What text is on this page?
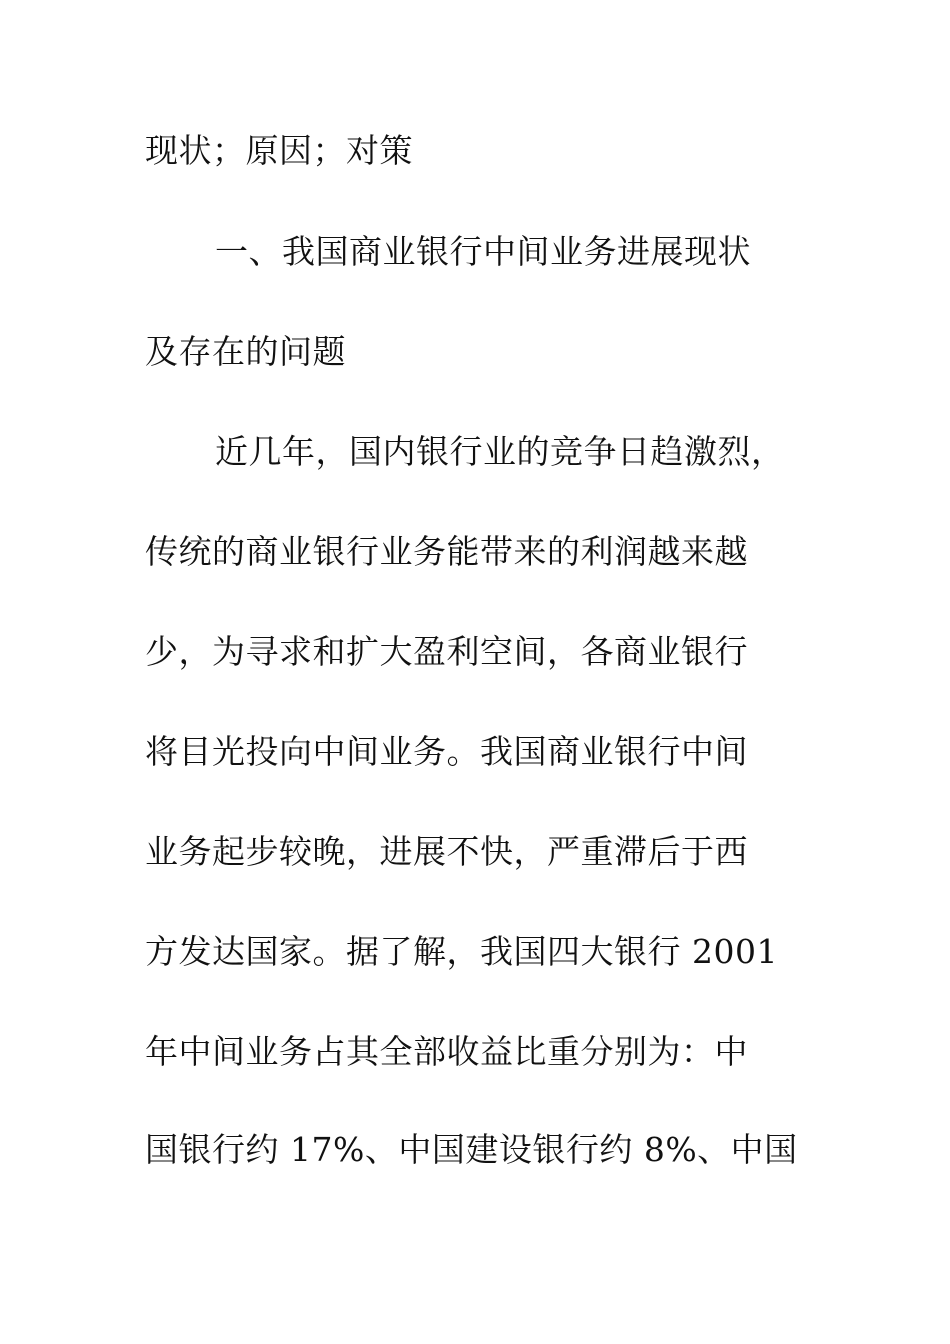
现状；原因；对策
一、我国商业银行中间业务进展现状
及存在的问题
近几年，国内银行业的竞争日趋激烈，
传统的商业银行业务能带来的利润越来越
少，为寻求和扩大盈利空间，各商业银行
将目光投向中间业务。我国商业银行中间
业务起步较晚，进展不快，严重滞后于西
方发达国家。据了解，我国四大银行 2001
年中间业务占其全部收益比重分别为：中
国银行约 17%、中国建设银行约 8%、中国
